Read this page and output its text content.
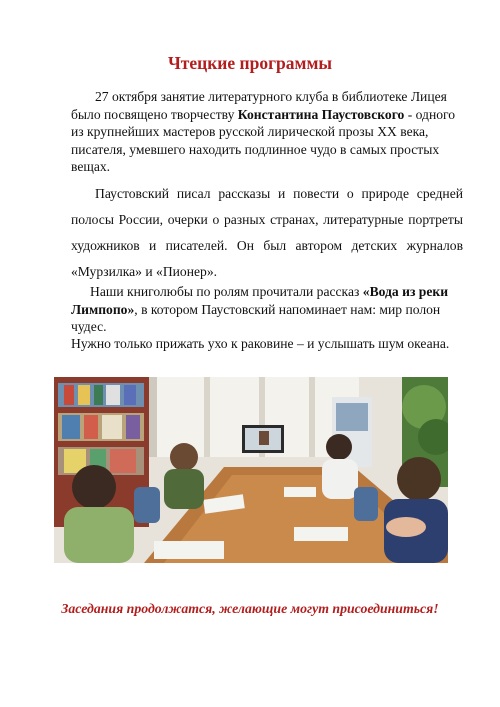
Чтецкие программы

27 октября занятие литературного клуба в библиотеке Лицея было посвящено творчеству Константина Паустовского - одного из крупнейших мастеров русской лирической прозы XX века, писателя, умевшего находить подлинное чудо в самых простых вещах.

Паустовский писал рассказы и повести о природе средней полосы России, очерки о разных странах, литературные портреты художников и писателей. Он был автором детских журналов «Мурзилка» и «Пионер».

Наши книголюбы по ролям прочитали рассказ «Вода из реки Лимпопо», в котором Паустовский напоминает нам: мир полон чудес.

Нужно только прижать ухо к раковине – и услышать шум океана.

Заседания продолжатся, желающие могут присоединиться!
